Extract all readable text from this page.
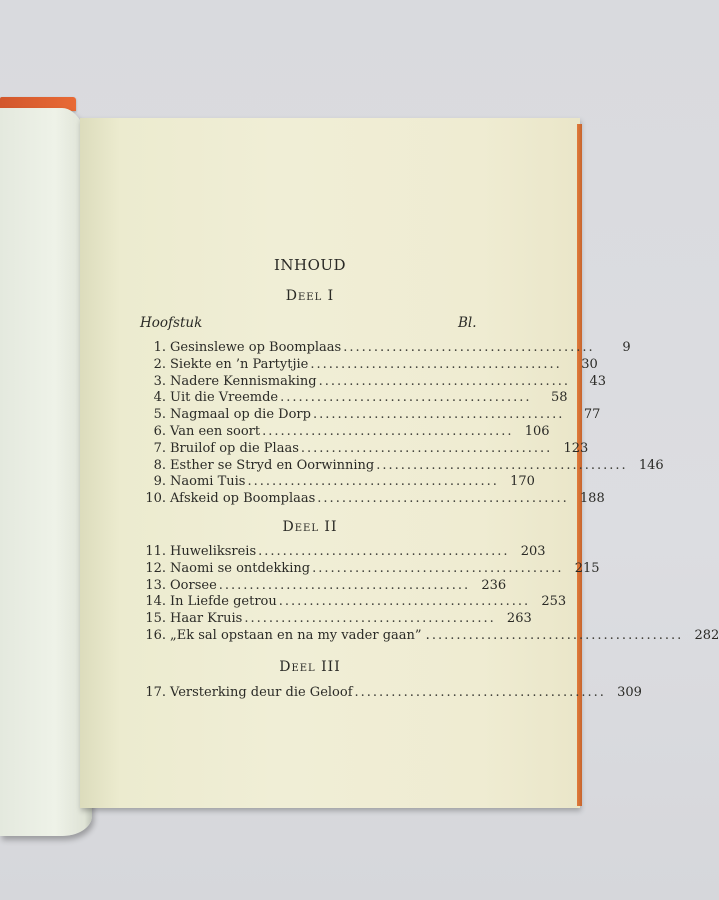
INHOUD
Deel I
Hoofstuk	Bl.
1. Gesinslewe op Boomplaas .........................................	9
2. Siekte en ’n Partytjie .........................................	30
3. Nadere Kennismaking .........................................	43
4. Uit die Vreemde .........................................	58
5. Nagmaal op die Dorp .........................................	77
6. Van een soort ......................................... 106
7. Bruilof op die Plaas ......................................... 123
8. Esther se Stryd en Oorwinning ......................................... 146
9. Naomi Tuis ......................................... 170
10. Afskeid op Boomplaas ......................................... 188
Deel II
11. Huweliksreis ......................................... 203
12. Naomi se ontdekking ......................................... 215
13. Oorsee ......................................... 236
14. In Liefde getrou ......................................... 253
15. Haar Kruis ......................................... 263
16. „Ek sal opstaan en na my vader gaan” . ......................................... 282
Deel III
17. Versterking deur die Geloof ......................................... 309
